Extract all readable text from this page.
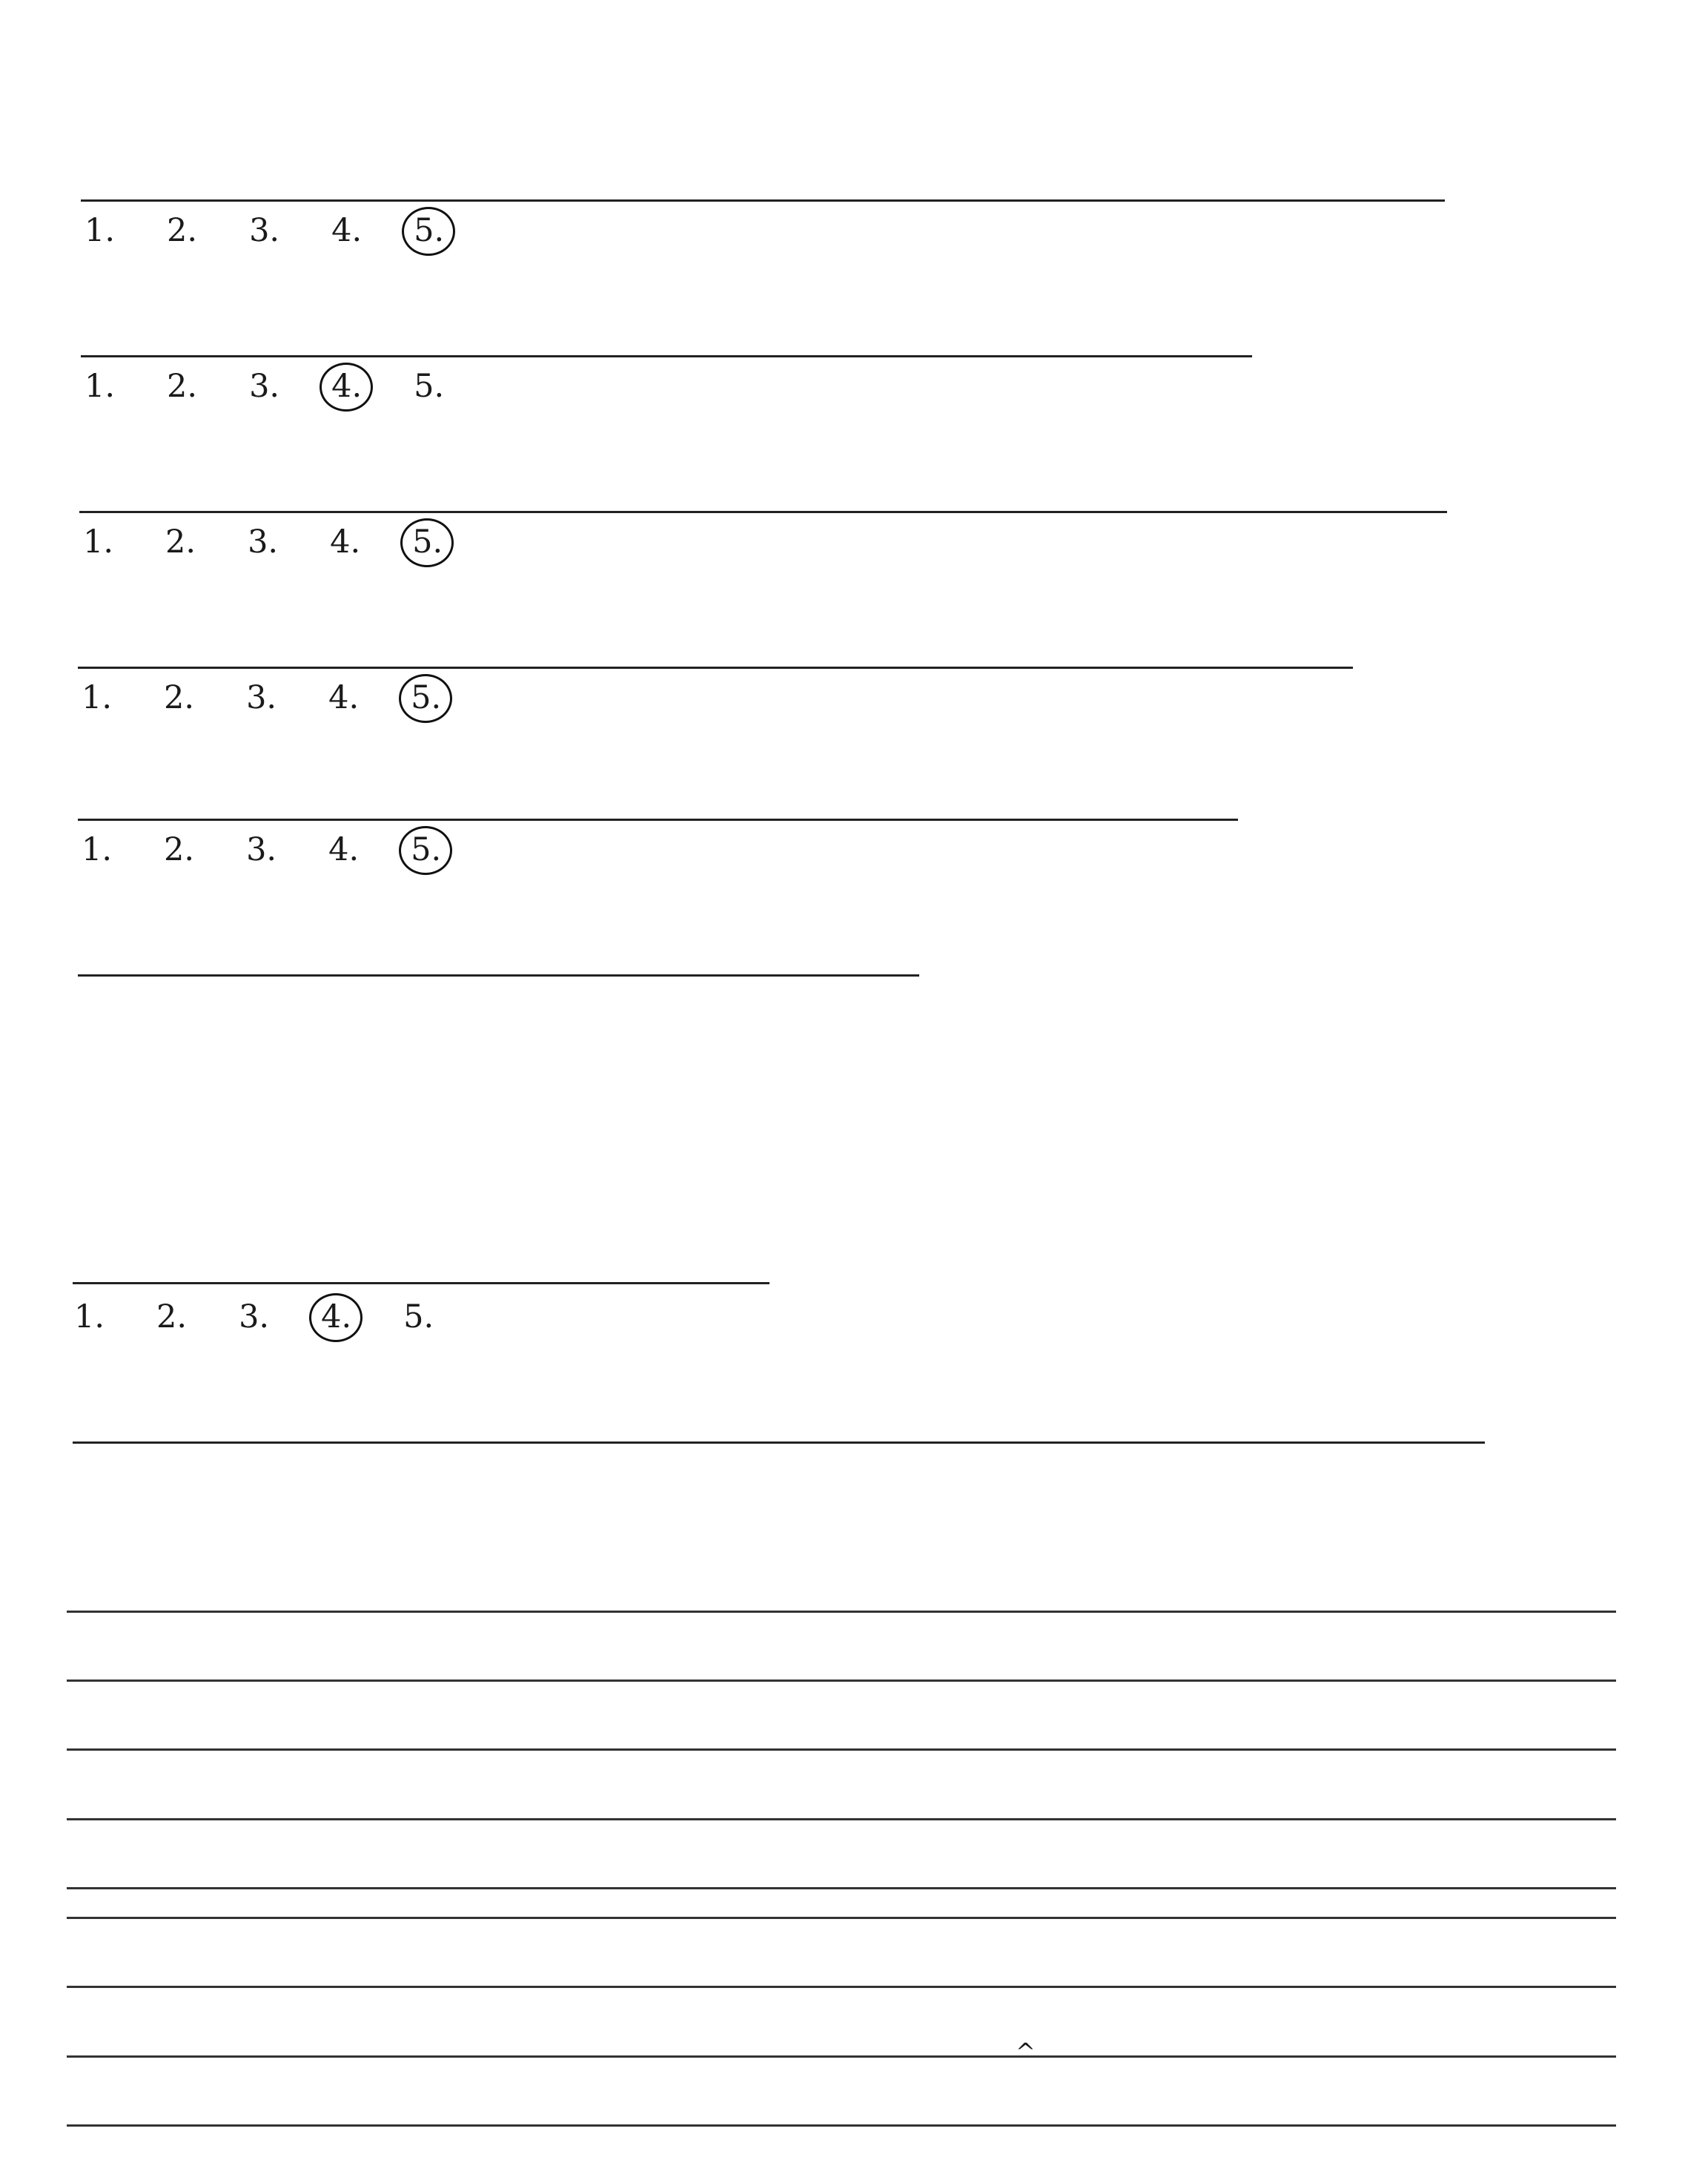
1. 2. 3. 4. 5.
1. 2. 3. 4. 5.
1. 2. 3. 4. 5.
1. 2. 3. 4. 5.
1. 2. 3. 4. 5.
1. 2. 3. 4. 5.
^
